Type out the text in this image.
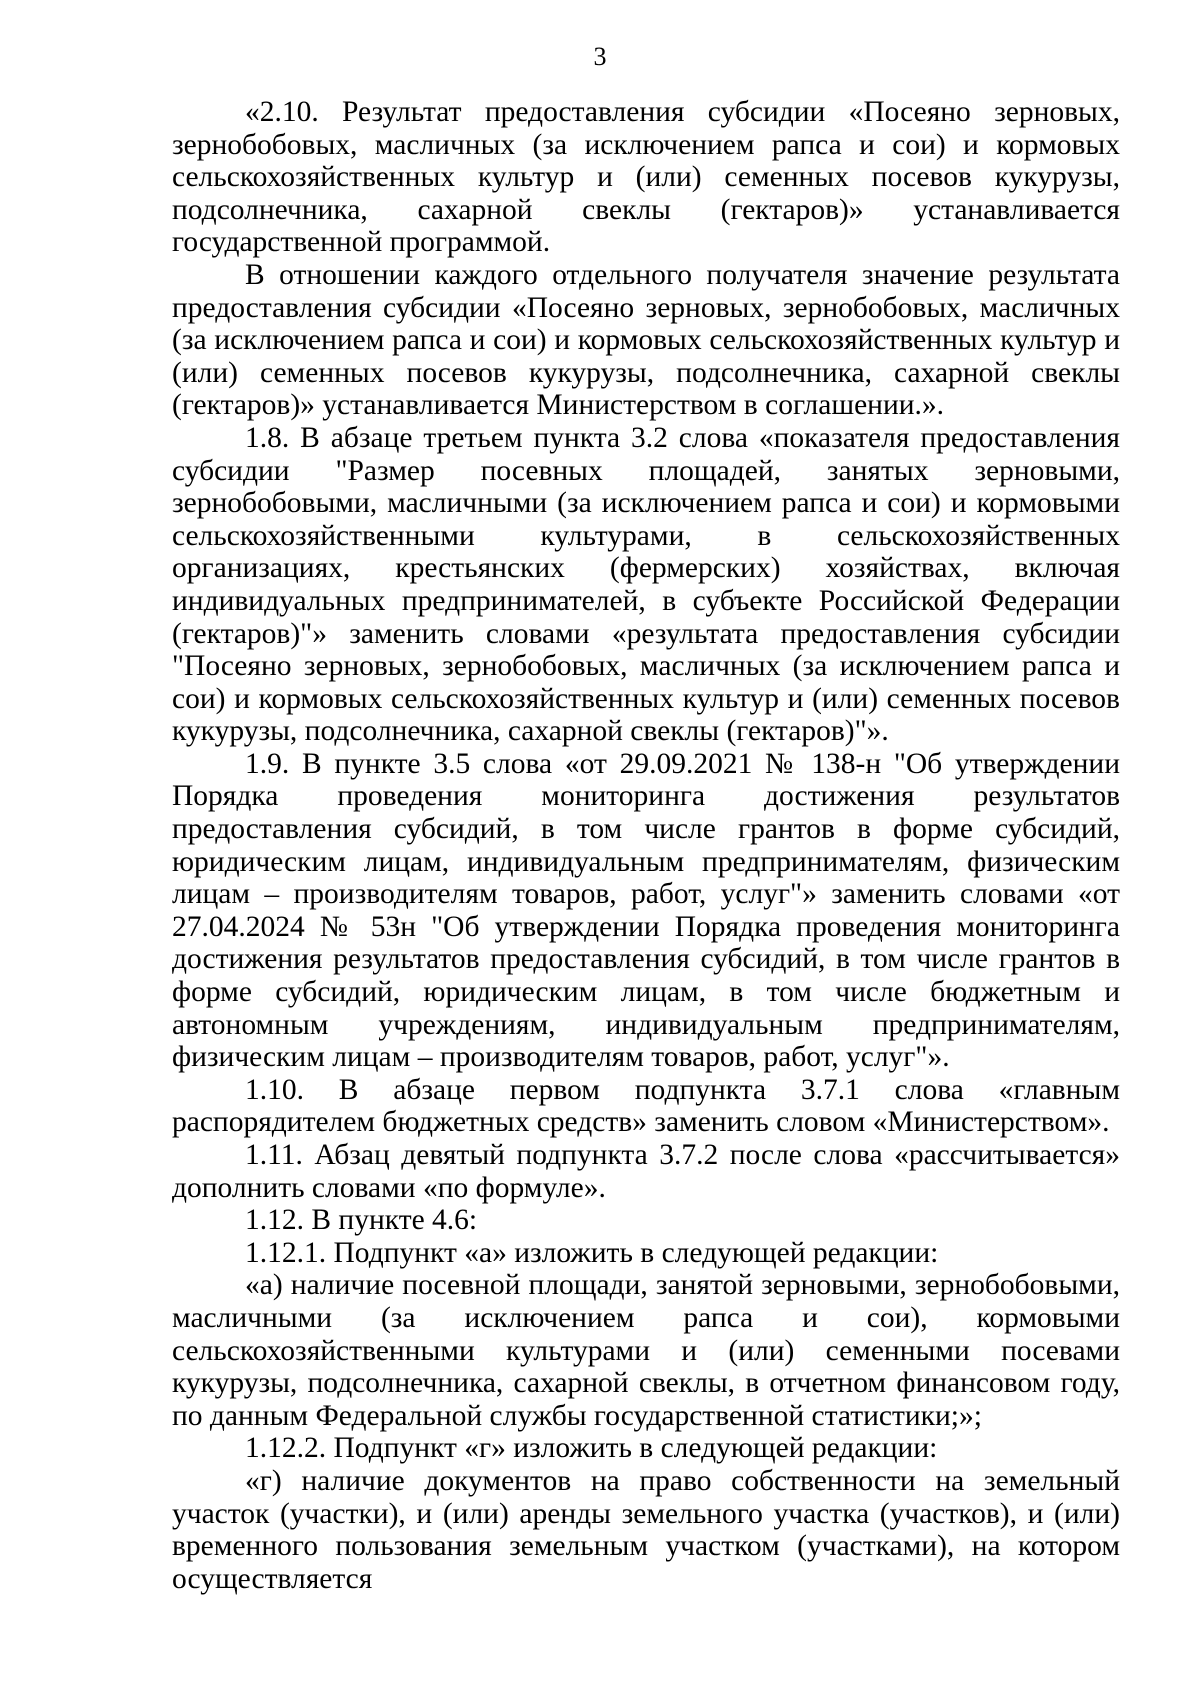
3

«2.10. Результат предоставления субсидии «Посеяно зерновых, зернобобовых, масличных (за исключением рапса и сои) и кормовых сельскохозяйственных культур и (или) семенных посевов кукурузы, подсолнечника, сахарной свеклы (гектаров)» устанавливается государственной программой.

В отношении каждого отдельного получателя значение результата предоставления субсидии «Посеяно зерновых, зернобобовых, масличных (за исключением рапса и сои) и кормовых сельскохозяйственных культур и (или) семенных посевов кукурузы, подсолнечника, сахарной свеклы (гектаров)» устанавливается Министерством в соглашении.».

1.8. В абзаце третьем пункта 3.2 слова «показателя предоставления субсидии "Размер посевных площадей, занятых зерновыми, зернобобовыми, масличными (за исключением рапса и сои) и кормовыми сельскохозяйственными культурами, в сельскохозяйственных организациях, крестьянских (фермерских) хозяйствах, включая индивидуальных предпринимателей, в субъекте Российской Федерации (гектаров)"» заменить словами «результата предоставления субсидии "Посеяно зерновых, зернобобовых, масличных (за исключением рапса и сои) и кормовых сельскохозяйственных культур и (или) семенных посевов кукурузы, подсолнечника, сахарной свеклы (гектаров)"».

1.9. В пункте 3.5 слова «от 29.09.2021 № 138-н "Об утверждении Порядка проведения мониторинга достижения результатов предоставления субсидий, в том числе грантов в форме субсидий, юридическим лицам, индивидуальным предпринимателям, физическим лицам – производителям товаров, работ, услуг"» заменить словами «от 27.04.2024 № 53н "Об утверждении Порядка проведения мониторинга достижения результатов предоставления субсидий, в том числе грантов в форме субсидий, юридическим лицам, в том числе бюджетным и автономным учреждениям, индивидуальным предпринимателям, физическим лицам – производителям товаров, работ, услуг"».

1.10. В абзаце первом подпункта 3.7.1 слова «главным распорядителем бюджетных средств» заменить словом «Министерством».

1.11. Абзац девятый подпункта 3.7.2 после слова «рассчитывается» дополнить словами «по формуле».

1.12. В пункте 4.6:

1.12.1. Подпункт «а» изложить в следующей редакции:

«а) наличие посевной площади, занятой зерновыми, зернобобовыми, масличными (за исключением рапса и сои), кормовыми сельскохозяйственными культурами и (или) семенными посевами кукурузы, подсолнечника, сахарной свеклы, в отчетном финансовом году, по данным Федеральной службы государственной статистики;»;

1.12.2. Подпункт «г» изложить в следующей редакции:

«г) наличие документов на право собственности на земельный участок (участки), и (или) аренды земельного участка (участков), и (или) временного пользования земельным участком (участками), на котором осуществляется
